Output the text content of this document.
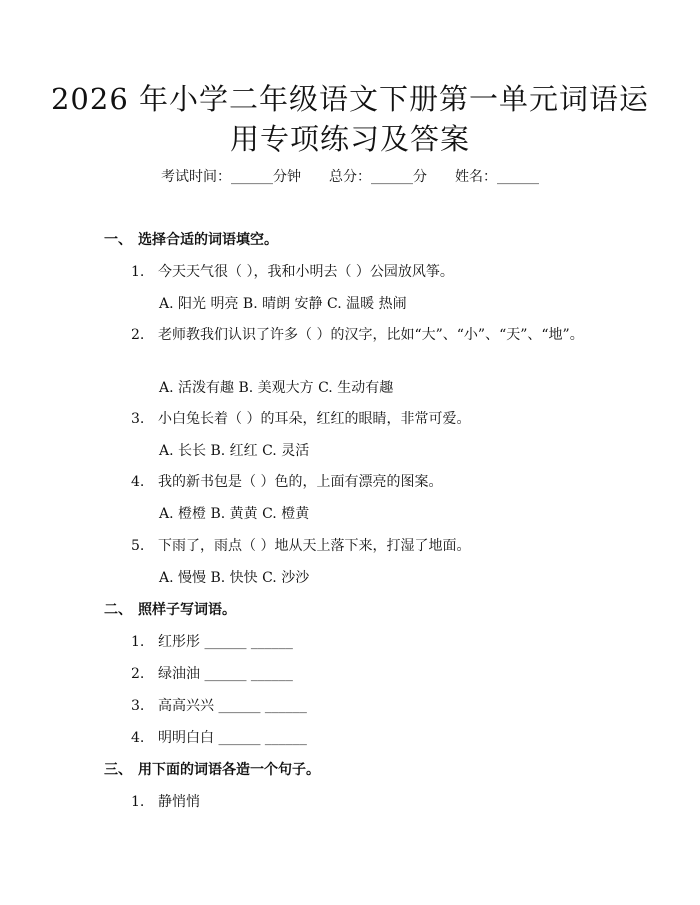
2026 年小学二年级语文下册第一单元词语运
用专项练习及答案
考试时间：______分钟 总分：______分 姓名：______
一、 选择合适的词语填空。
1. 今天天气很（ ），我和小明去（ ）公园放风筝。
A. 阳光 明亮 B. 晴朗 安静 C. 温暖 热闹
2. 老师教我们认识了许多（ ）的汉字，比如“大”、“小”、“天”、“地”。
A. 活泼有趣 B. 美观大方 C. 生动有趣
3. 小白兔长着（ ）的耳朵，红红的眼睛，非常可爱。
A. 长长 B. 红红 C. 灵活
4. 我的新书包是（ ）色的，上面有漂亮的图案。
A. 橙橙 B. 黄黄 C. 橙黄
5. 下雨了，雨点（ ）地从天上落下来，打湿了地面。
A. 慢慢 B. 快快 C. 沙沙
二、 照样子写词语。
1. 红彤彤 ______ ______
2. 绿油油 ______ ______
3. 高高兴兴 ______ ______
4. 明明白白 ______ ______
三、 用下面的词语各造一个句子。
1. 静悄悄
